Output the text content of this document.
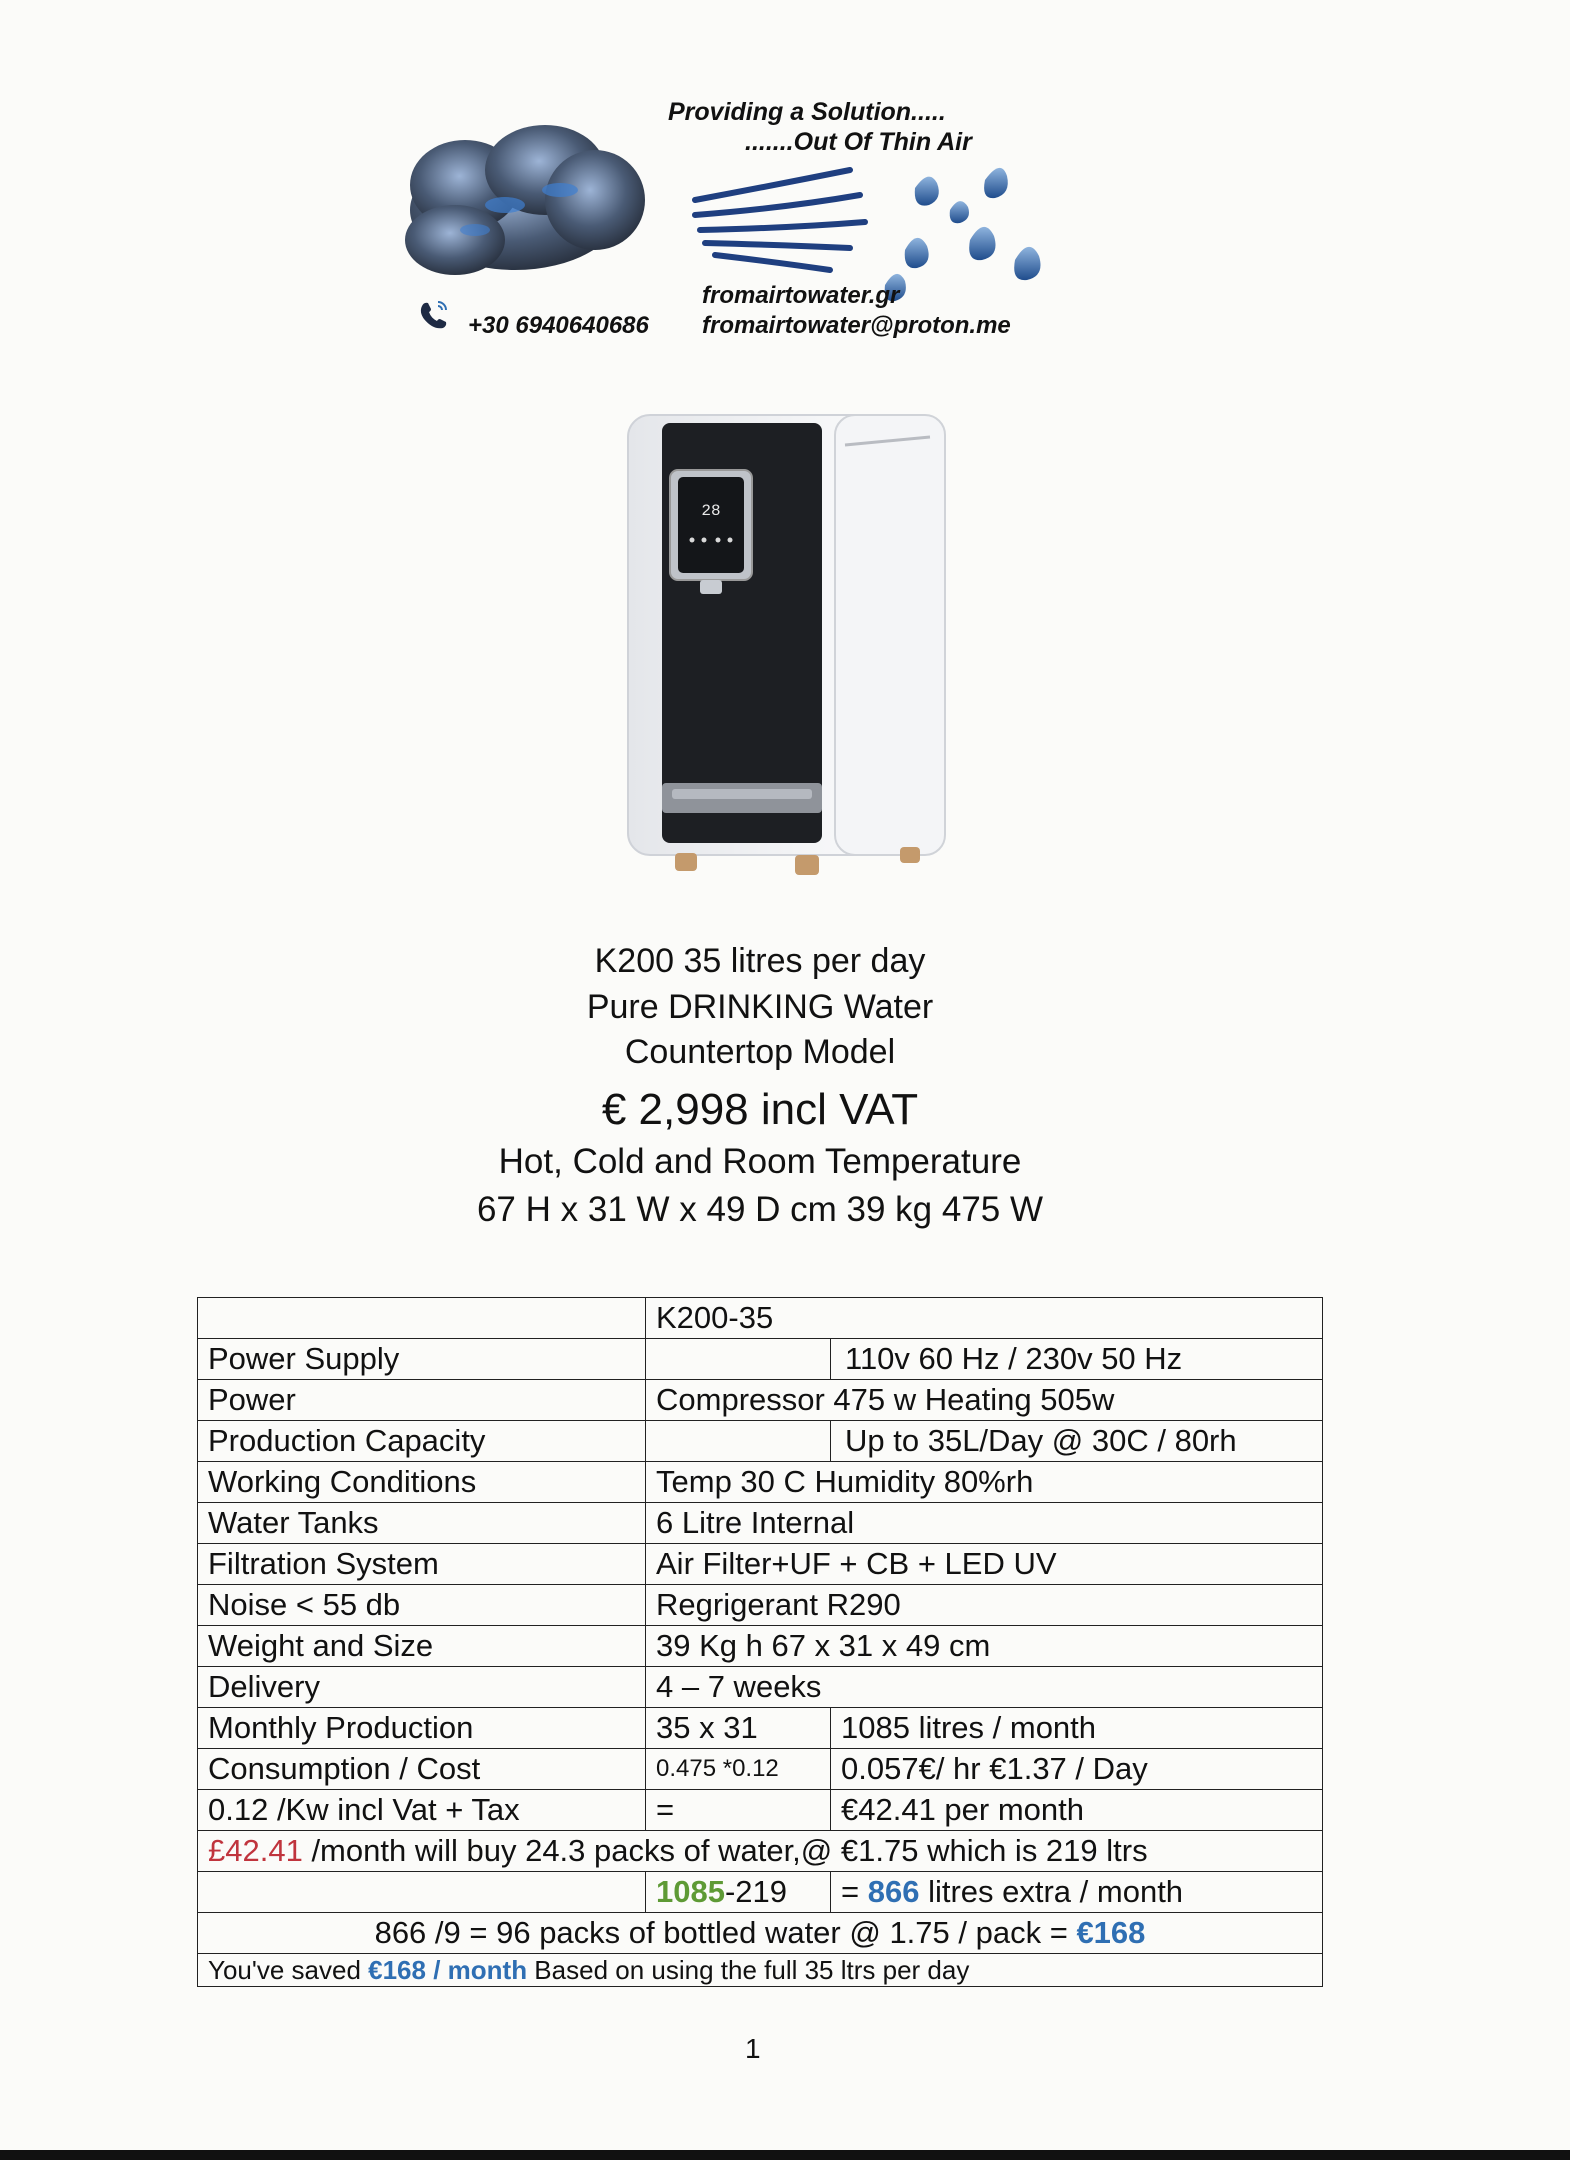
Providing a Solution.....
.......Out Of Thin Air
+30 6940640686
fromairtowater.gr
fromairtowater@proton.me
28
K200 35 litres per day
Pure DRINKING Water
Countertop Model
€ 2,998 incl VAT
Hot, Cold and Room Temperature
67 H x 31 W x 49 D cm 39 kg 475 W
	K200-35	
Power Supply		110v 60 Hz / 230v 50 Hz
Power	Compressor 475 w Heating 505w	
Production Capacity		Up to 35L/Day @ 30C / 80rh
Working Conditions	Temp 30 C Humidity 80%rh	
Water Tanks	6 Litre Internal	
Filtration System	Air Filter+UF + CB + LED UV	
Noise < 55 db	Regrigerant R290	
Weight and Size	39 Kg h 67 x 31 x 49 cm	
Delivery	4 – 7 weeks	
Monthly Production	35 x 31	1085 litres / month
Consumption / Cost	0.475 *0.12	0.057€/ hr €1.37 / Day
0.12 /Kw incl Vat + Tax	=	€42.41 per month
£42.41 /month will buy 24.3 packs of water,@ €1.75 which is 219 ltrs		
	1085-219	= 866 litres extra / month
866 /9 = 96 packs of bottled water @ 1.75 / pack = €168		
You've saved €168 / month Based on using the full 35 ltrs per day		
1
